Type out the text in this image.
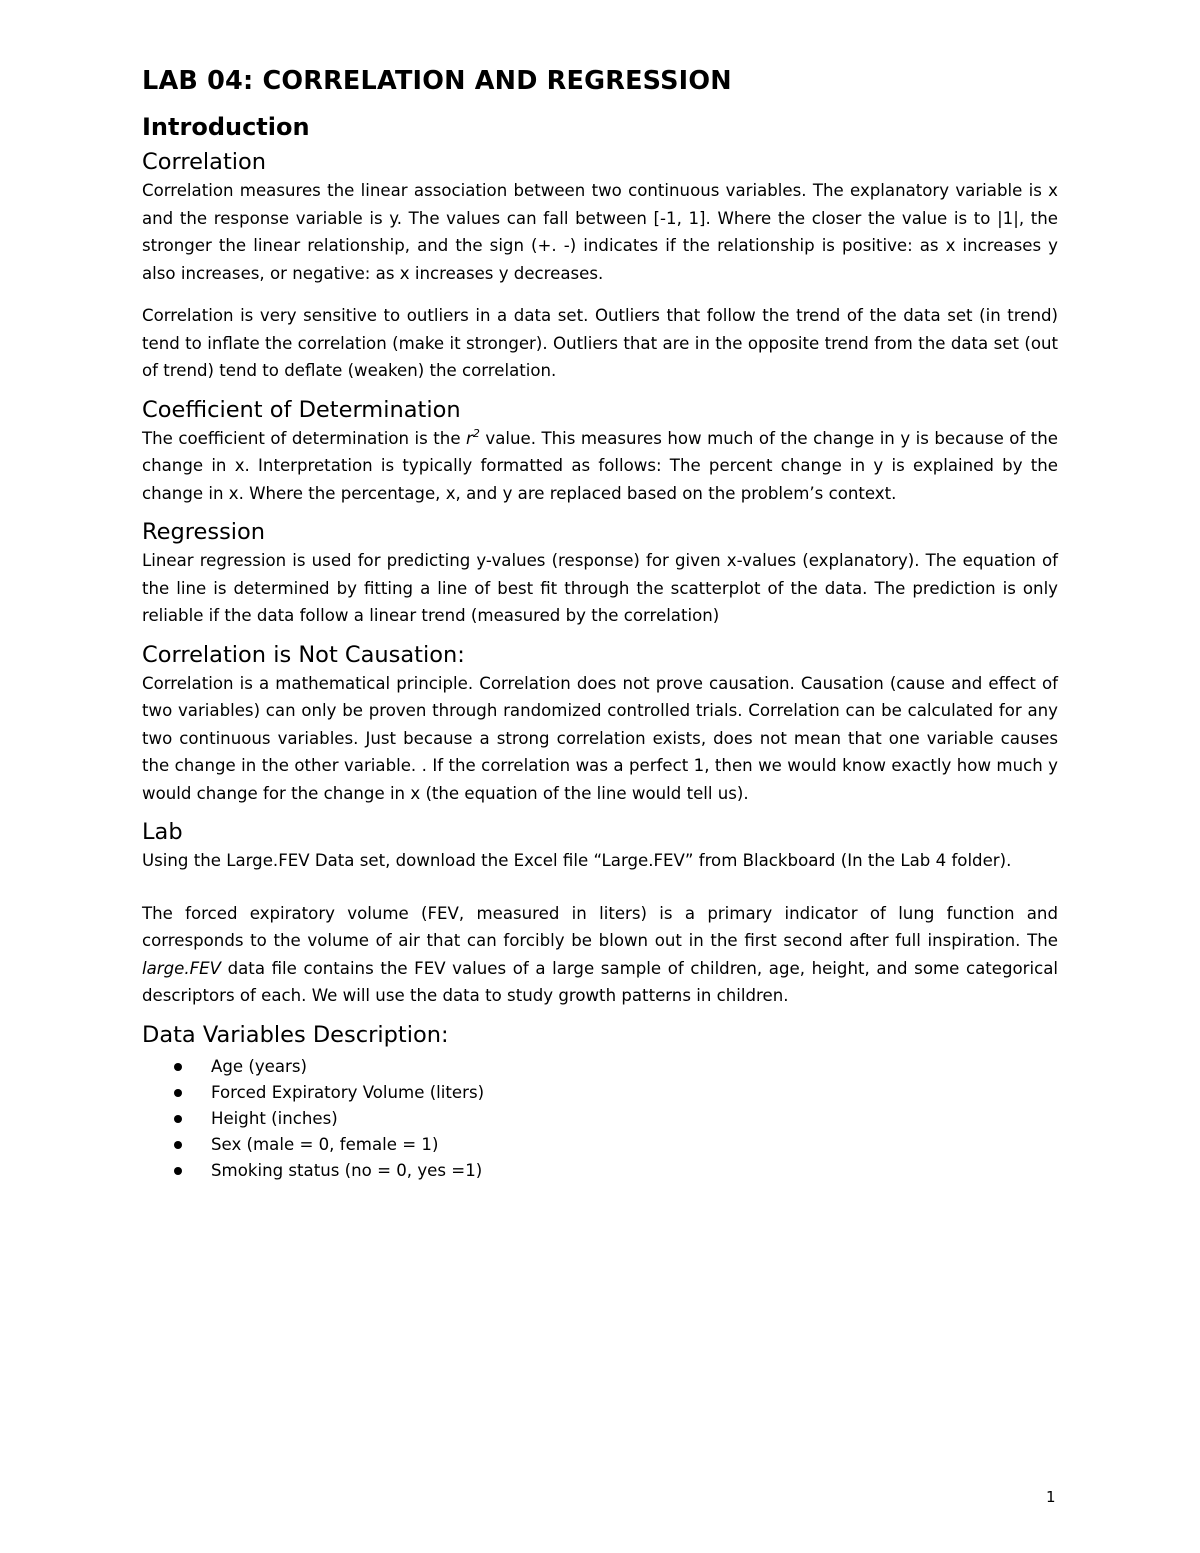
LAB 04: CORRELATION AND REGRESSION
Introduction
Correlation

Correlation measures the linear association between two continuous variables. The explanatory variable is x and the response variable is y. The values can fall between [-1, 1]. Where the closer the value is to |1|, the stronger the linear relationship, and the sign (+. -) indicates if the relationship is positive: as x increases y also increases, or negative: as x increases y decreases.

Correlation is very sensitive to outliers in a data set. Outliers that follow the trend of the data set (in trend) tend to inflate the correlation (make it stronger). Outliers that are in the opposite trend from the data set (out of trend) tend to deflate (weaken) the correlation.

Coefficient of Determination

The coefficient of determination is the $r^2$ value. This measures how much of the change in y is because of the change in x. Interpretation is typically formatted as follows: The percent change in y is explained by the change in x. Where the percentage, x, and y are replaced based on the problem’s context.

Regression

Linear regression is used for predicting y-values (response) for given x-values (explanatory). The equation of the line is determined by fitting a line of best fit through the scatterplot of the data. The prediction is only reliable if the data follow a linear trend (measured by the correlation)

Correlation is Not Causation:

Correlation is a mathematical principle. Correlation does not prove causation. Causation (cause and effect of two variables) can only be proven through randomized controlled trials. Correlation can be calculated for any two continuous variables. Just because a strong correlation exists, does not mean that one variable causes the change in the other variable. . If the correlation was a perfect 1, then we would know exactly how much y would change for the change in x (the equation of the line would tell us).

Lab

Using the Large.FEV Data set, download the Excel file “Large.FEV” from Blackboard (In the Lab 4 folder).

The forced expiratory volume (FEV, measured in liters) is a primary indicator of lung function and corresponds to the volume of air that can forcibly be blown out in the first second after full inspiration. The large.FEV data file contains the FEV values of a large sample of children, age, height, and some categorical descriptors of each. We will use the data to study growth patterns in children.

Data Variables Description:
Age (years)
Forced Expiratory Volume (liters)
Height (inches)
Sex (male = 0, female = 1)
Smoking status (no = 0, yes =1)
1
